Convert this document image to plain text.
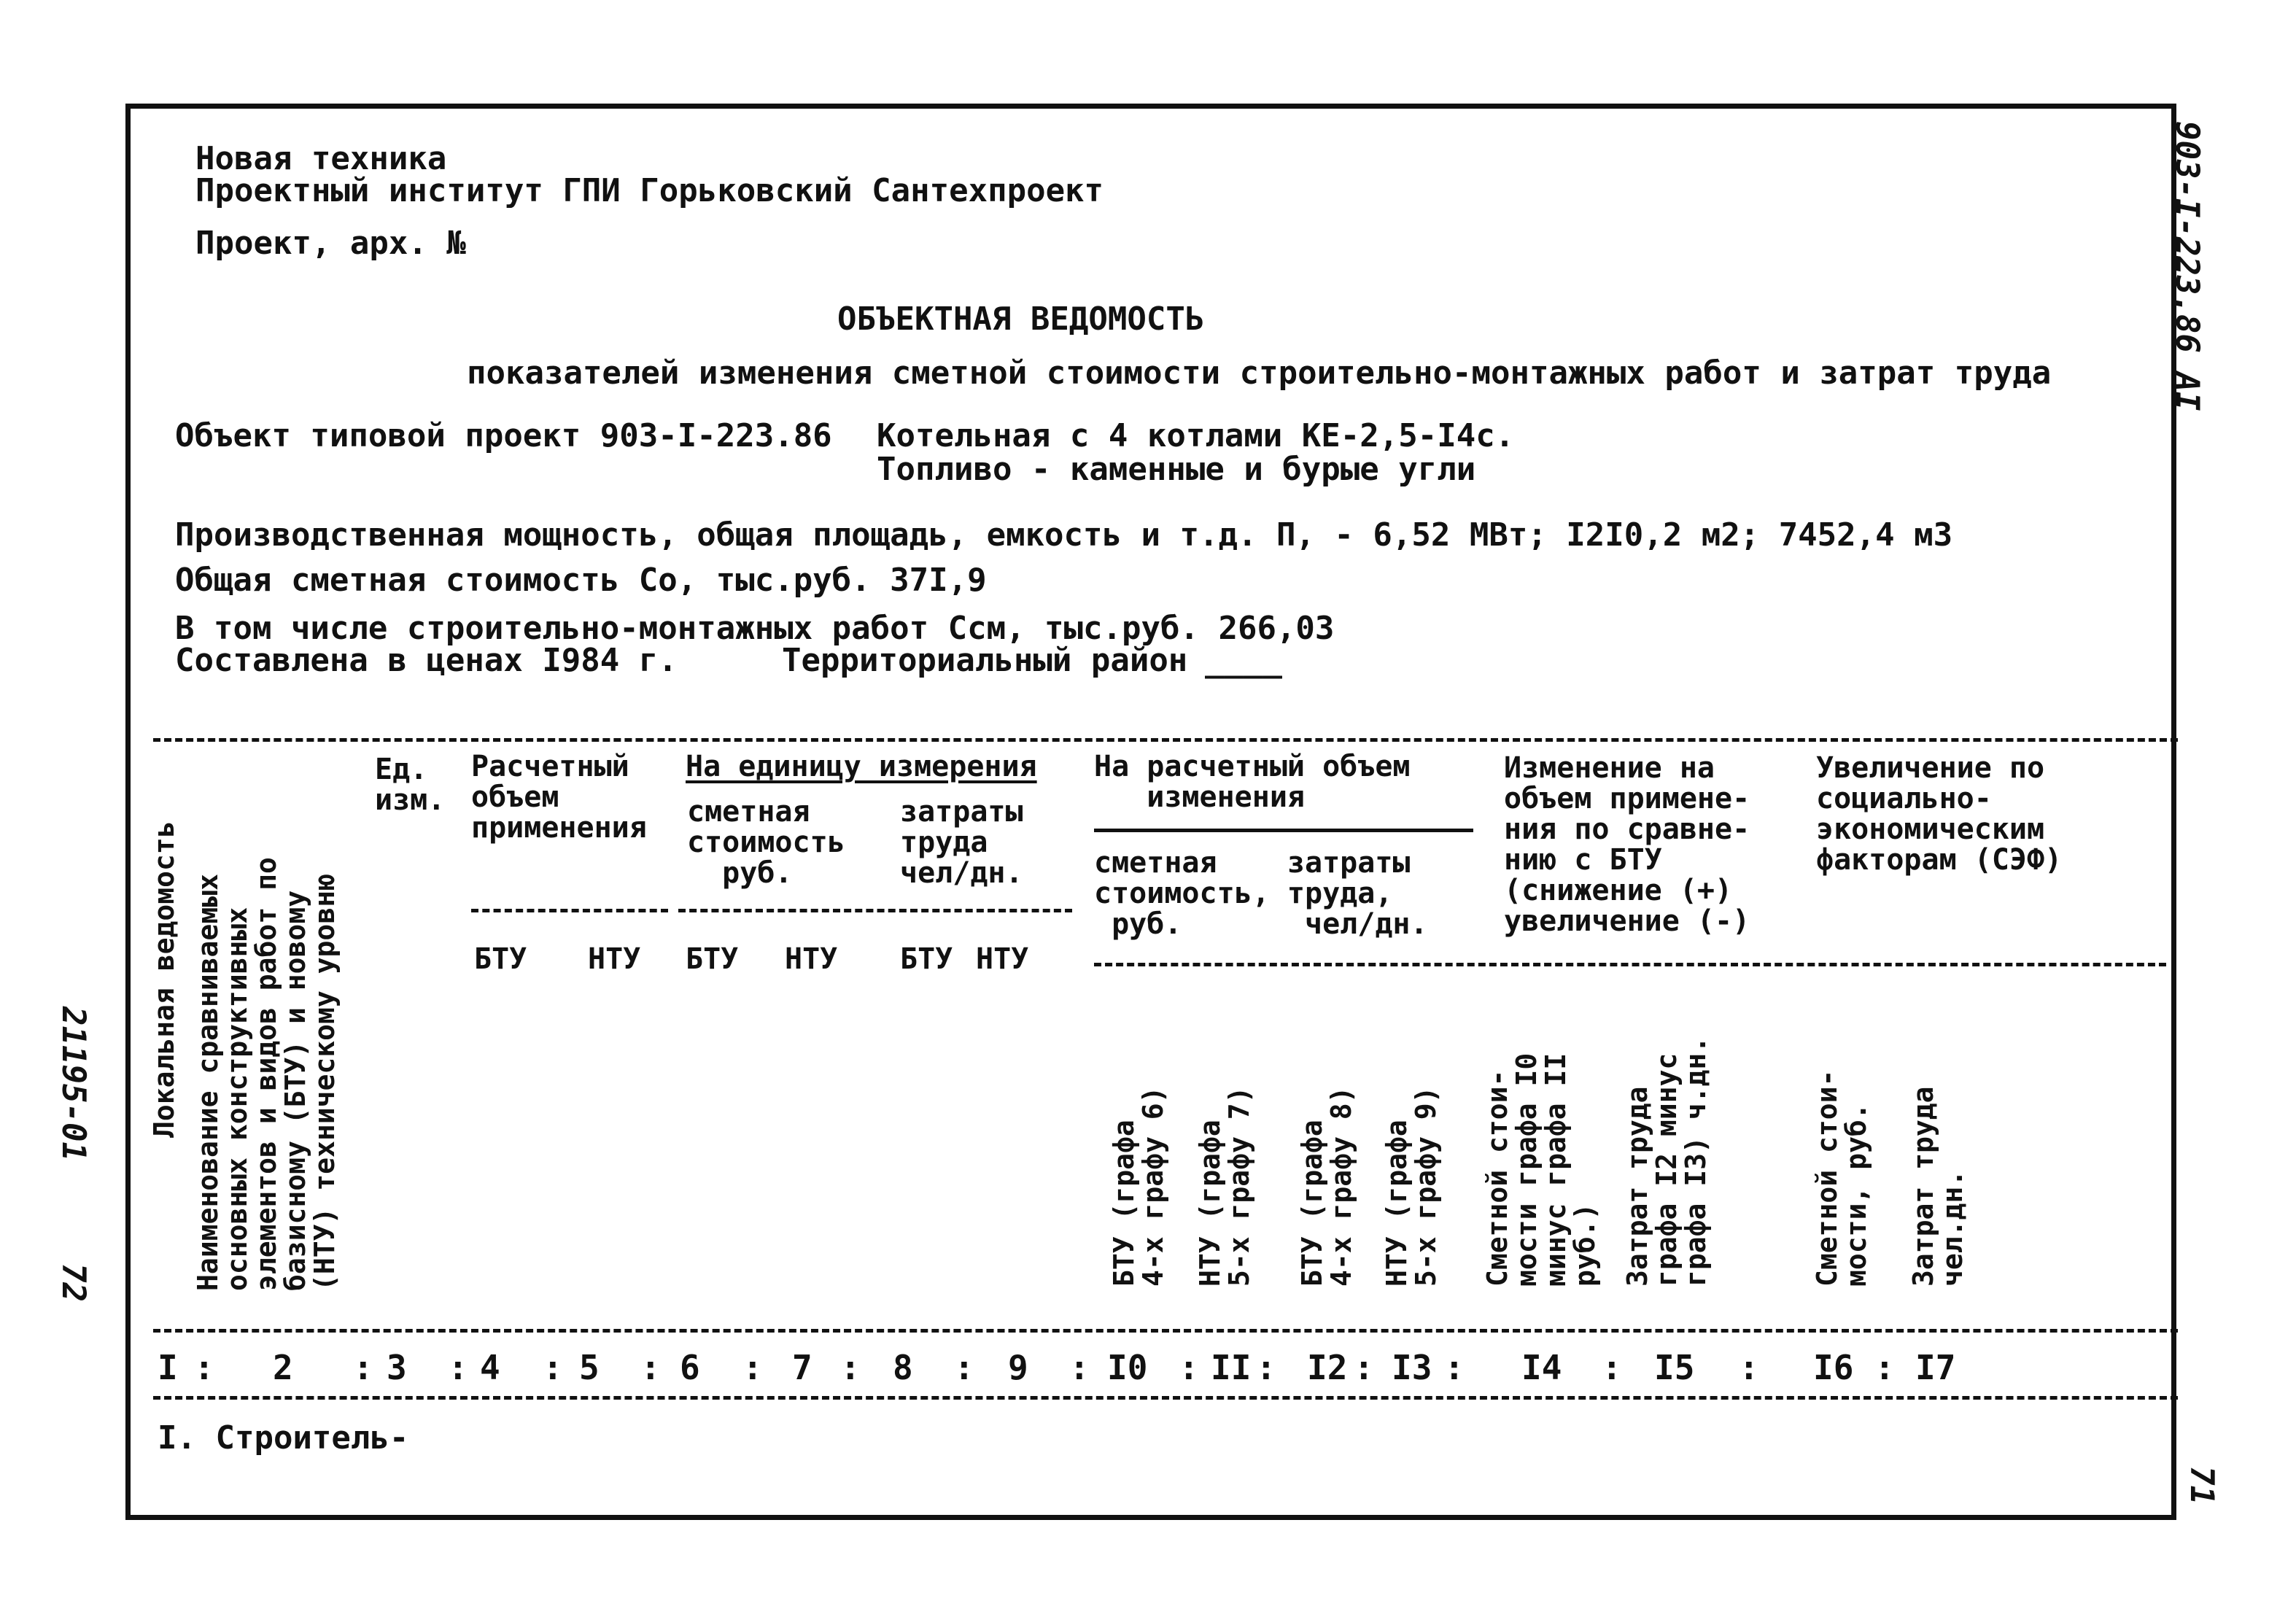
Новая техника
Проектный институт ГПИ Горьковский Сантехпроект
Проект, арх. №
ОБЪЕКТНАЯ ВЕДОМОСТЬ
показателей изменения сметной стоимости строительно-монтажных работ и затрат труда
Объект типовой проект 903-I-223.86 Котельная с 4 котлами КЕ-2,5-I4с.
Топливо - каменные и бурые угли
Производственная мощность, общая площадь, емкость и т.д. П, - 6,52 МВт; I2I0,2 м2; 7452,4 м3
Общая сметная стоимость Со, тыс.руб. 37I,9
В том числе строительно-монтажных работ Ссм, тыс.руб. 266,03
Составлена в ценах I984 г.	Территориальный район ____
Локальная ведомость
Наименование сравниваемых
основных конструктивных
элементов и видов работ по
базисному (БТУ) и новому
(НТУ) техническому уровню
Ед.
изм.
Расчетный
объем
применения
БТУ НТУ
На единицу измерения
сметная
стоимость
руб.
затраты
труда
чел/дн.
БТУ НТУ БТУ НТУ
На расчетный объем
изменения
сметная    затраты
стоимость, труда,
руб.       чел/дн.
Изменение на
объем примене-
ния по сравне-
нию с БТУ
(снижение (+)
увеличение (-)
Увеличение по
социально-
экономическим
факторам (СЭФ)
БТУ (графа
4-х графу 6)
НТУ (графа
5-х графу 7)
БТУ (графа
4-х графу 8)
НТУ (графа
5-х графу 9)
Сметной стои-
мости графа I0
минус графа II
руб.) Затрат труда
графа I2 минус
графа I3) ч.дн.
Сметной стои-
мости, руб.
Затрат труда
чел.дн.
I : 2 : 3 : 4 : 5 : 6 : 7 : 8 : 9 : I0 : II : I2 : I3 : I4 : I5 : I6 : I7
I. Строитель-
903-I-223.86 АI
21195-01
72
71
